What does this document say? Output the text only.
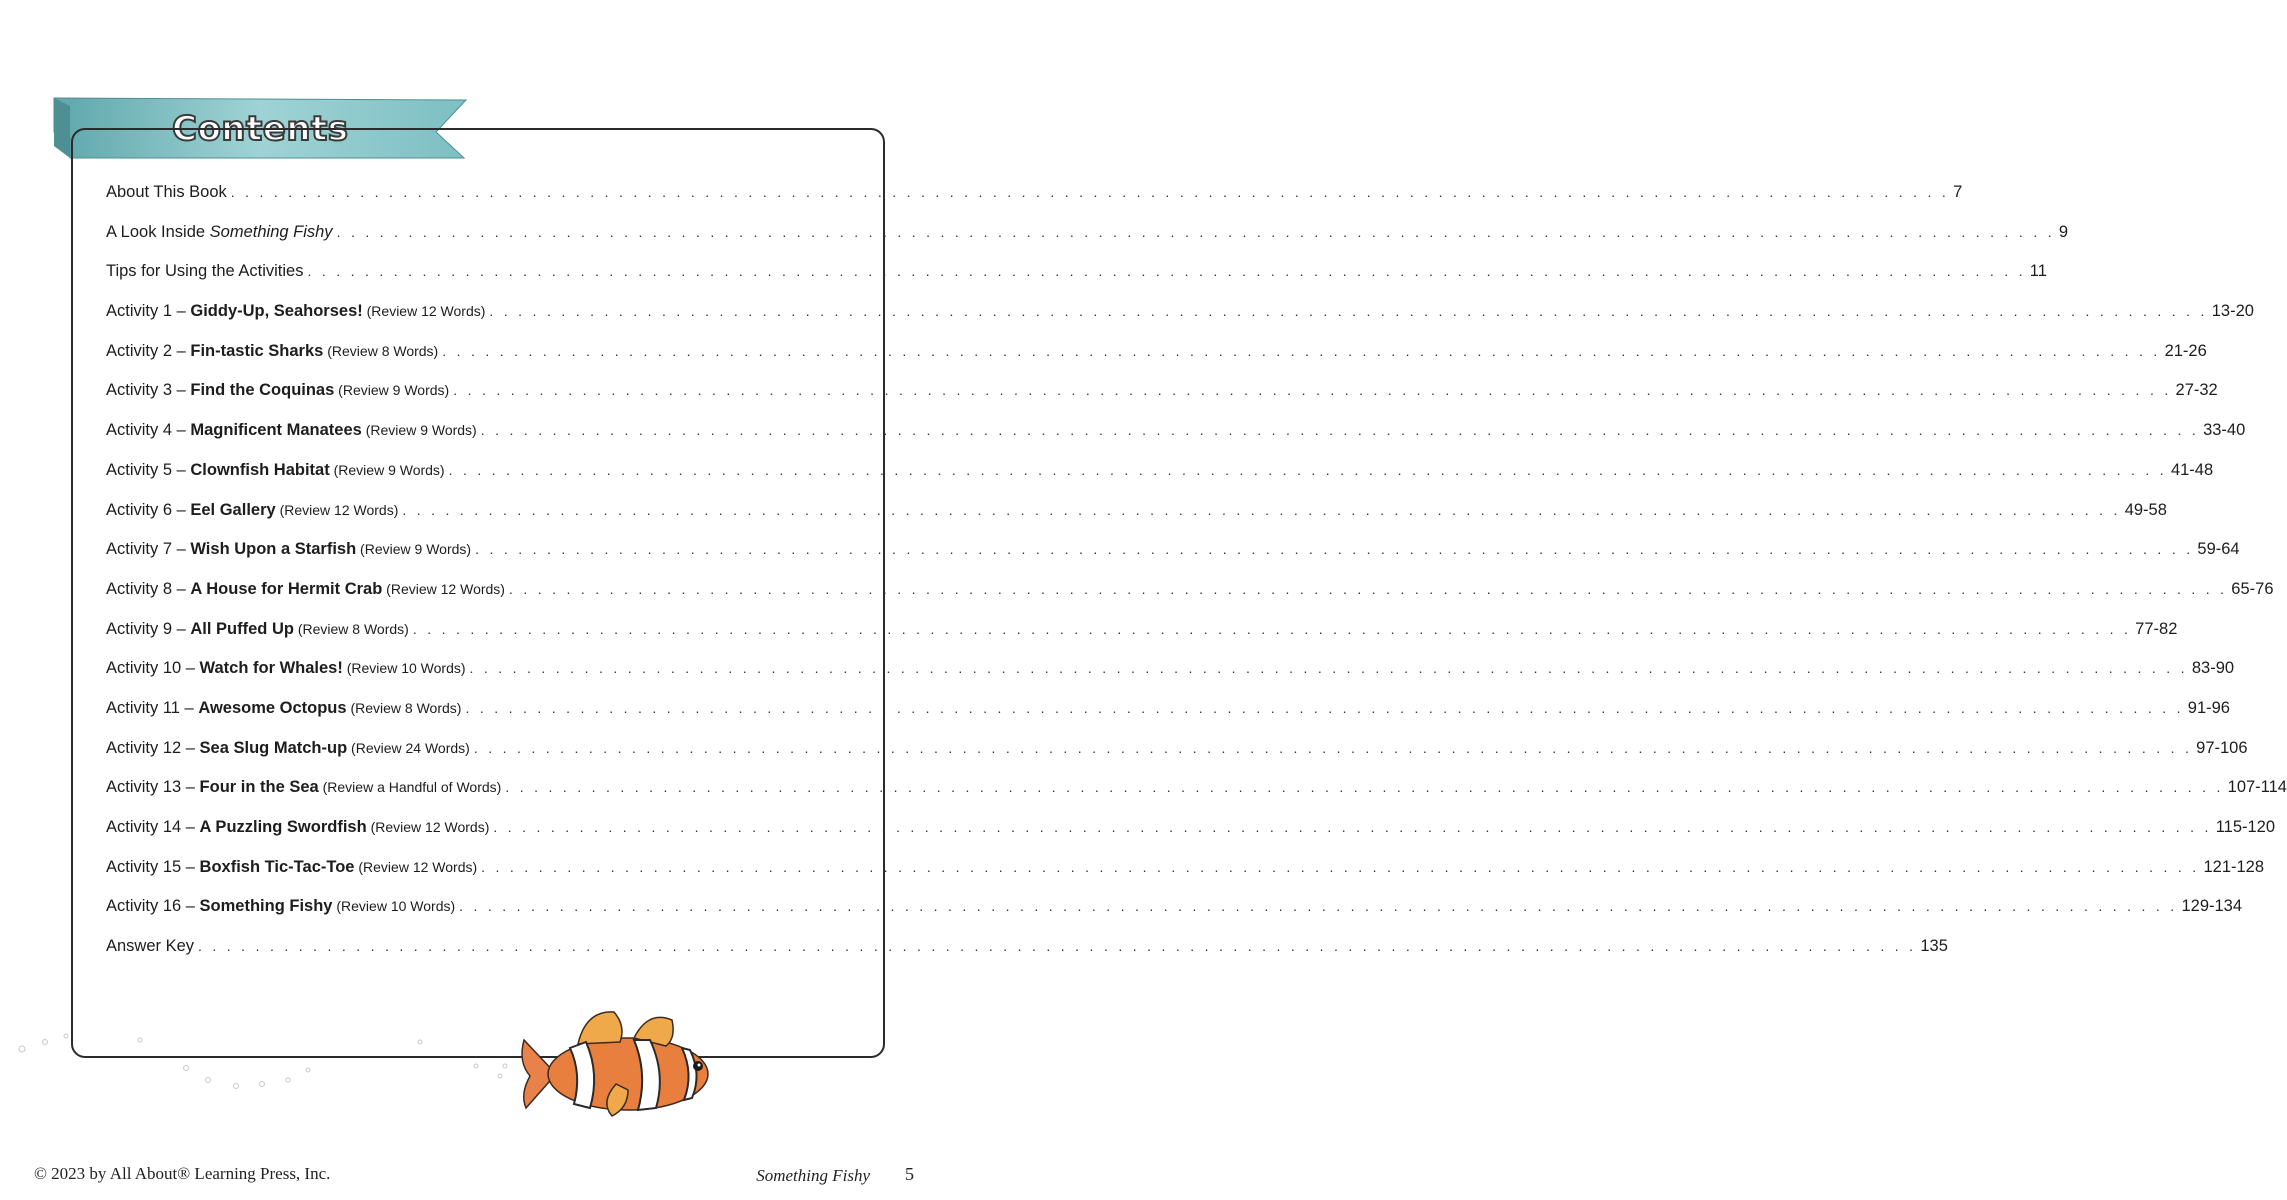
Contents
About This Book . . . . . . . . . . . . . . . . . . . . . . . . . . . . . . . . . . . . . . . . . . . . . . . . . . . . . . . . . . . . . . . . . . . . . . . . . . . . . . . . . . . . . . . . . . . . . . . . . . . . . . . . . . . . . . . . . . . . . . . . 7
A Look Inside Something Fishy . . . . . . . . . . . . . . . . . . . . . . . . . . . . . . . . . . . . . . . . . . . . . . . . . . . . . . . . . . . . . . . . . . . . . . . . . . . . . . . . . . . . . . . . . . . . . . . . . . . . . . . . . . . . . . . . . . . . . . . . 9
Tips for Using the Activities . . . . . . . . . . . . . . . . . . . . . . . . . . . . . . . . . . . . . . . . . . . . . . . . . . . . . . . . . . . . . . . . . . . . . . . . . . . . . . . . . . . . . . . . . . . . . . . . . . . . . . . . . . . . . . . . . . . . . . . . 11
Activity 1 – Giddy-Up, Seahorses! (Review 12 Words) . . . . . . . . . . . . . . . . . . . . . . . . . . . . . . . . . . . . . . . . . . . . . . . . . . . . . . . . . . . . . . . . . . . . . . . . . . . . . . . . . . . . . . . . . . . . . . . . . . . . . . . . . . . . . . . . . . . . . . . . 13-20
Activity 2 – Fin-tastic Sharks (Review 8 Words) . . . . . . . . . . . . . . . . . . . . . . . . . . . . . . . . . . . . . . . . . . . . . . . . . . . . . . . . . . . . . . . . . . . . . . . . . . . . . . . . . . . . . . . . . . . . . . . . . . . . . . . . . . . . . . . . . . . . . . . . 21-26
Activity 3 – Find the Coquinas (Review 9 Words) . . . . . . . . . . . . . . . . . . . . . . . . . . . . . . . . . . . . . . . . . . . . . . . . . . . . . . . . . . . . . . . . . . . . . . . . . . . . . . . . . . . . . . . . . . . . . . . . . . . . . . . . . . . . . . . . . . . . . . . . 27-32
Activity 4 – Magnificent Manatees (Review 9 Words) . . . . . . . . . . . . . . . . . . . . . . . . . . . . . . . . . . . . . . . . . . . . . . . . . . . . . . . . . . . . . . . . . . . . . . . . . . . . . . . . . . . . . . . . . . . . . . . . . . . . . . . . . . . . . . . . . . . . . . . . 33-40
Activity 5 – Clownfish Habitat (Review 9 Words) . . . . . . . . . . . . . . . . . . . . . . . . . . . . . . . . . . . . . . . . . . . . . . . . . . . . . . . . . . . . . . . . . . . . . . . . . . . . . . . . . . . . . . . . . . . . . . . . . . . . . . . . . . . . . . . . . . . . . . . . 41-48
Activity 6 – Eel Gallery (Review 12 Words) . . . . . . . . . . . . . . . . . . . . . . . . . . . . . . . . . . . . . . . . . . . . . . . . . . . . . . . . . . . . . . . . . . . . . . . . . . . . . . . . . . . . . . . . . . . . . . . . . . . . . . . . . . . . . . . . . . . . . . . . 49-58
Activity 7 – Wish Upon a Starfish (Review 9 Words) . . . . . . . . . . . . . . . . . . . . . . . . . . . . . . . . . . . . . . . . . . . . . . . . . . . . . . . . . . . . . . . . . . . . . . . . . . . . . . . . . . . . . . . . . . . . . . . . . . . . . . . . . . . . . . . . . . . . . . . . 59-64
Activity 8 – A House for Hermit Crab (Review 12 Words) . . . . . . . . . . . . . . . . . . . . . . . . . . . . . . . . . . . . . . . . . . . . . . . . . . . . . . . . . . . . . . . . . . . . . . . . . . . . . . . . . . . . . . . . . . . . . . . . . . . . . . . . . . . . . . . . . . . . . . . . 65-76
Activity 9 – All Puffed Up (Review 8 Words) . . . . . . . . . . . . . . . . . . . . . . . . . . . . . . . . . . . . . . . . . . . . . . . . . . . . . . . . . . . . . . . . . . . . . . . . . . . . . . . . . . . . . . . . . . . . . . . . . . . . . . . . . . . . . . . . . . . . . . . . 77-82
Activity 10 – Watch for Whales! (Review 10 Words) . . . . . . . . . . . . . . . . . . . . . . . . . . . . . . . . . . . . . . . . . . . . . . . . . . . . . . . . . . . . . . . . . . . . . . . . . . . . . . . . . . . . . . . . . . . . . . . . . . . . . . . . . . . . . . . . . . . . . . . . 83-90
Activity 11 – Awesome Octopus (Review 8 Words) . . . . . . . . . . . . . . . . . . . . . . . . . . . . . . . . . . . . . . . . . . . . . . . . . . . . . . . . . . . . . . . . . . . . . . . . . . . . . . . . . . . . . . . . . . . . . . . . . . . . . . . . . . . . . . . . . . . . . . . . 91-96
Activity 12 – Sea Slug Match-up (Review 24 Words) . . . . . . . . . . . . . . . . . . . . . . . . . . . . . . . . . . . . . . . . . . . . . . . . . . . . . . . . . . . . . . . . . . . . . . . . . . . . . . . . . . . . . . . . . . . . . . . . . . . . . . . . . . . . . . . . . . . . . . . . 97-106
Activity 13 – Four in the Sea (Review a Handful of Words) . . . . . . . . . . . . . . . . . . . . . . . . . . . . . . . . . . . . . . . . . . . . . . . . . . . . . . . . . . . . . . . . . . . . . . . . . . . . . . . . . . . . . . . . . . . . . . . . . . . . . . . . . . . . . . . . . . . . . . . . 107-114
Activity 14 – A Puzzling Swordfish (Review 12 Words) . . . . . . . . . . . . . . . . . . . . . . . . . . . . . . . . . . . . . . . . . . . . . . . . . . . . . . . . . . . . . . . . . . . . . . . . . . . . . . . . . . . . . . . . . . . . . . . . . . . . . . . . . . . . . . . . . . . . . . . . 115-120
Activity 15 – Boxfish Tic-Tac-Toe (Review 12 Words) . . . . . . . . . . . . . . . . . . . . . . . . . . . . . . . . . . . . . . . . . . . . . . . . . . . . . . . . . . . . . . . . . . . . . . . . . . . . . . . . . . . . . . . . . . . . . . . . . . . . . . . . . . . . . . . . . . . . . . . . 121-128
Activity 16 – Something Fishy (Review 10 Words) . . . . . . . . . . . . . . . . . . . . . . . . . . . . . . . . . . . . . . . . . . . . . . . . . . . . . . . . . . . . . . . . . . . . . . . . . . . . . . . . . . . . . . . . . . . . . . . . . . . . . . . . . . . . . . . . . . . . . . . . 129-134
Answer Key . . . . . . . . . . . . . . . . . . . . . . . . . . . . . . . . . . . . . . . . . . . . . . . . . . . . . . . . . . . . . . . . . . . . . . . . . . . . . . . . . . . . . . . . . . . . . . . . . . . . . . . . . . . . . . . . . . . . . . . . 135
© 2023 by All About® Learning Press, Inc.	Something Fishy 5
